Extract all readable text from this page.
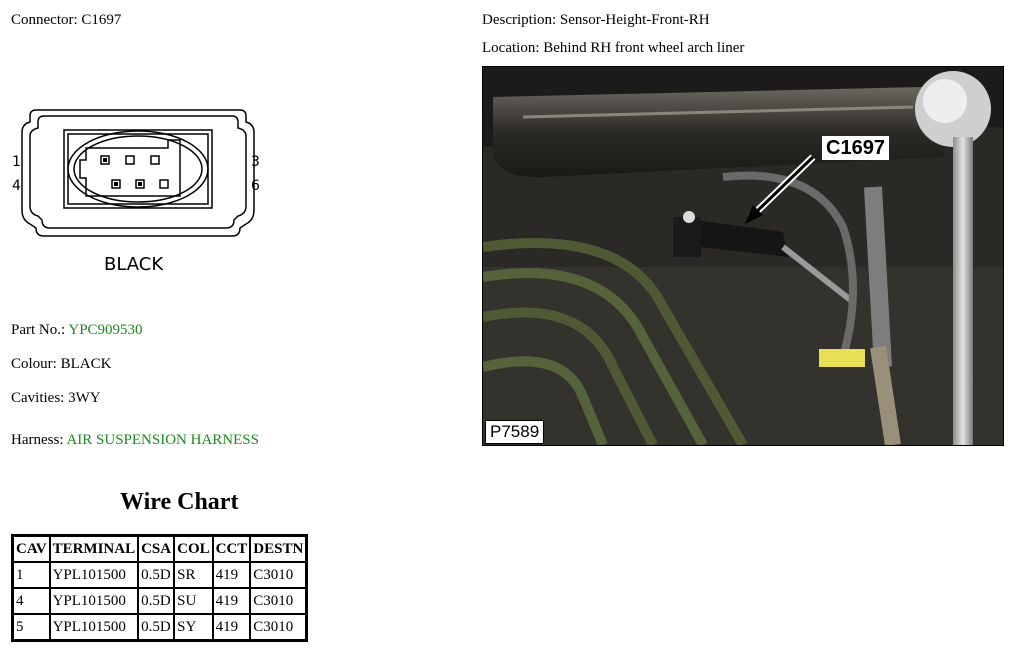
Connector: C1697
1
4
3
6
BLACK
Part No.: YPC909530
Colour: BLACK
Cavities: 3WY
Harness: AIR SUSPENSION HARNESS
Wire Chart
CAV	TERMINAL	CSA	COL	CCT	DESTN
1	YPL101500	0.5D	SR	419	C3010
4	YPL101500	0.5D	SU	419	C3010
5	YPL101500	0.5D	SY	419	C3010
Description: Sensor-Height-Front-RH
Location: Behind RH front wheel arch liner
C1697
P7589
